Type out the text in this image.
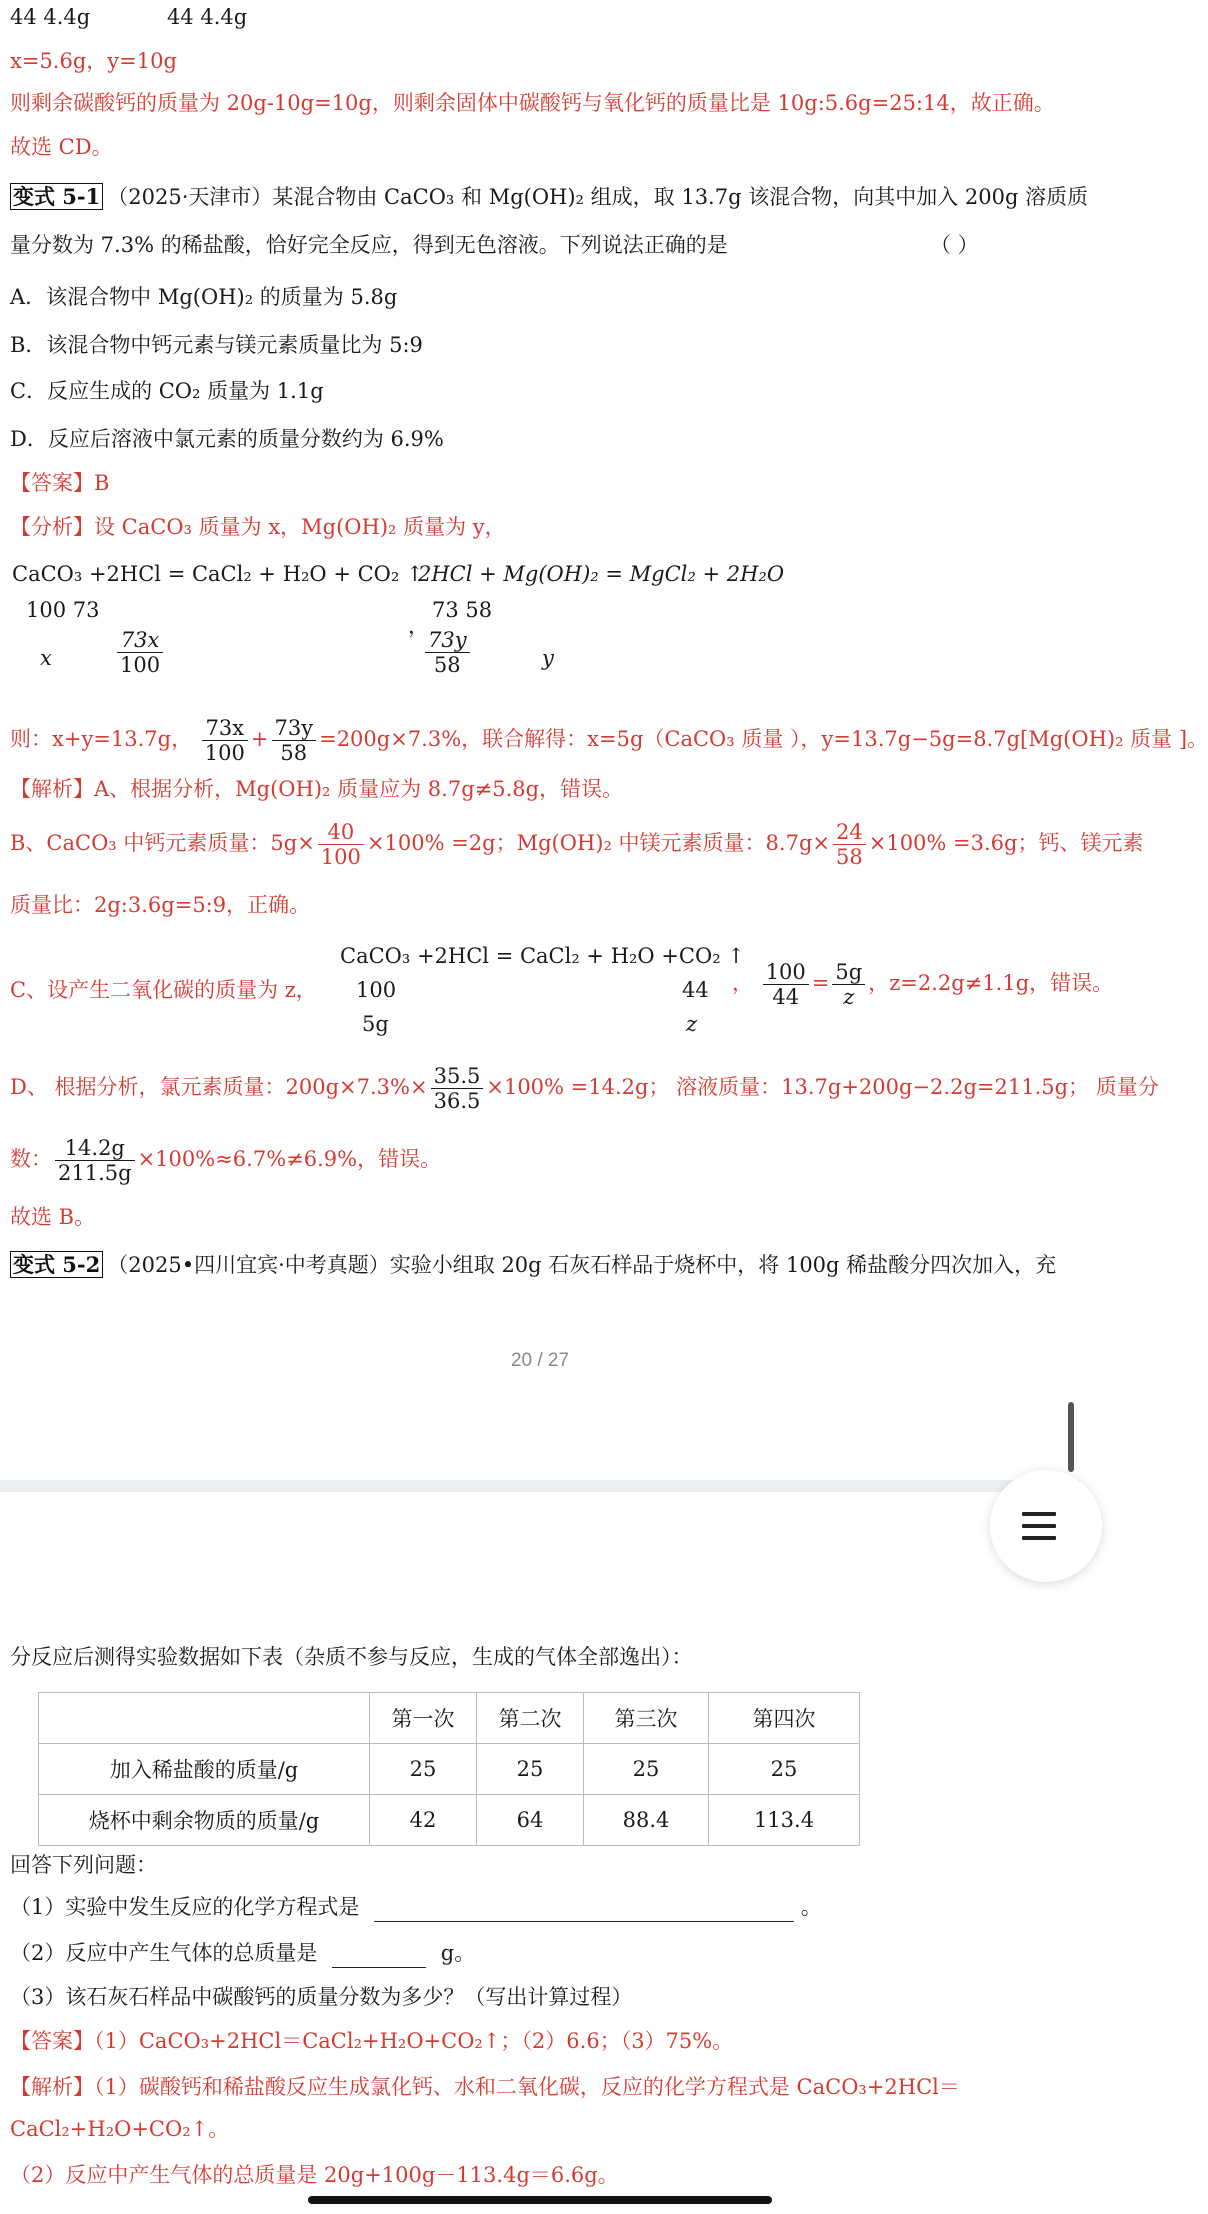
44 4.4g	44 4.4g
x=5.6g，y=10g
则剩余碳酸钙的质量为 20g-10g=10g，则剩余固体中碳酸钙与氧化钙的质量比是 10g:5.6g=25:14，故正确。
故选 CD。
变式 5-1 （2025·天津市）某混合物由 CaCO₃ 和 Mg(OH)₂ 组成，取 13.7g 该混合物，向其中加入 200g 溶质质
量分数为 7.3% 的稀盐酸，恰好完全反应，得到无色溶液。下列说法正确的是	（ ）
A．该混合物中 Mg(OH)₂ 的质量为 5.8g
B．该混合物中钙元素与镁元素质量比为 5:9
C．反应生成的 CO₂ 质量为 1.1g
D．反应后溶液中氯元素的质量分数约为 6.9%
【答案】B
【分析】设 CaCO₃ 质量为 x，Mg(OH)₂ 质量为 y，
CaCO₃ +2HCl = CaCl₂ + H₂O + CO₂ ↑
2HCl + Mg(OH)₂ = MgCl₂ + 2H₂O
100 73	73 58
，
x	$\frac{73x}{100}$	$\frac{73y}{58}$	y
则：x+y=13.7g， $\frac{73x}{100} + \frac{73y}{58} =200g\times 7.3\%$，联合解得：x=5g（CaCO₃ 质量 ），y=13.7g−5g=8.7g[Mg(OH)₂ 质量 ]。
【解析】A、根据分析，Mg(OH)₂ 质量应为 8.7g≠5.8g，错误。
B、CaCO₃ 中钙元素质量：$5g\times \frac{40}{100} \times 100\% =2g$；Mg(OH)₂ 中镁元素质量：$8.7g\times \frac{24}{58} \times 100\% =3.6g$；钙、镁元素
质量比：2g:3.6g=5:9，正确。
CaCO₃ +2HCl = CaCl₂ + H₂O +CO₂ ↑
100	44
5g	z
C、设产生二氧化碳的质量为 z，	， $\frac{100}{44} = \frac{5g}{z}$ ，z=2.2g≠1.1g，错误。
D、 根据分析，氯元素质量：$200g\times 7.3\%\times \frac{35.5}{36.5} \times 100\% =14.2g$； 溶液质量：13.7g+200g−2.2g=211.5g； 质量分
数： $\frac{14.2g}{211.5g} \times 100\%\approx 6.7\%\ne 6.9\%$，错误。
故选 B。
变式 5-2 （2025•四川宜宾·中考真题）实验小组取 20g 石灰石样品于烧杯中，将 100g 稀盐酸分四次加入，充
20 / 27
分反应后测得实验数据如下表（杂质不参与反应，生成的气体全部逸出）：
	第一次	第二次	第三次	第四次
加入稀盐酸的质量/g	25	25	25	25
烧杯中剩余物质的质量/g	42	64	88.4	113.4
回答下列问题：
（1）实验中发生反应的化学方程式是	。
（2）反应中产生气体的总质量是	g。
（3）该石灰石样品中碳酸钙的质量分数为多少？（写出计算过程）
【答案】（1）CaCO₃+2HCl＝CaCl₂+H₂O+CO₂↑；（2）6.6；（3）75%。
【解析】（1）碳酸钙和稀盐酸反应生成氯化钙、水和二氧化碳，反应的化学方程式是 CaCO₃+2HCl＝
CaCl₂+H₂O+CO₂↑。
（2）反应中产生气体的总质量是 20g+100g－113.4g＝6.6g。
